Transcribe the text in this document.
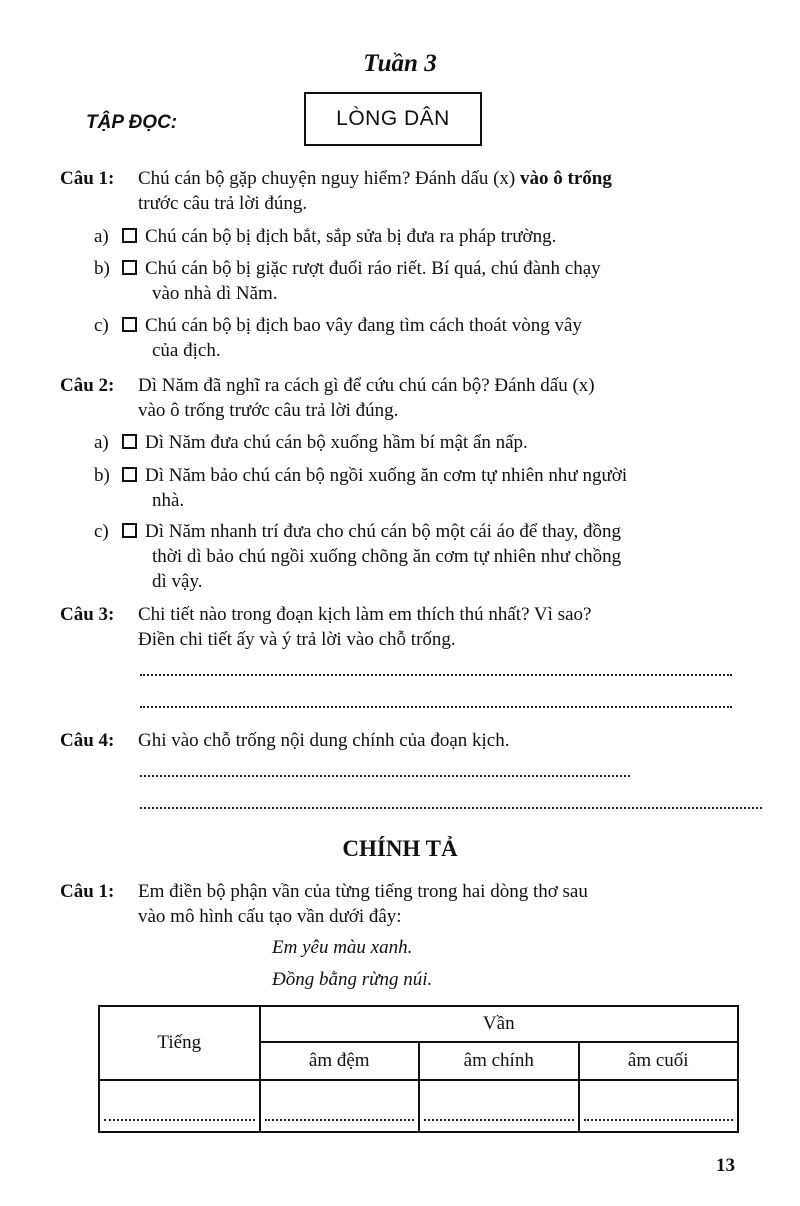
Tuần 3
TẬP ĐỌC:	LÒNG DÂN
Câu 1: Chú cán bộ gặp chuyện nguy hiểm? Đánh dấu (x) vào ô trống
trước câu trả lời đúng.
a) Chú cán bộ bị địch bắt, sắp sửa bị đưa ra pháp trường.
b) Chú cán bộ bị giặc rượt đuổi ráo riết. Bí quá, chú đành chạy
vào nhà dì Năm.
c) Chú cán bộ bị địch bao vây đang tìm cách thoát vòng vây
của địch.
Câu 2: Dì Năm đã nghĩ ra cách gì để cứu chú cán bộ? Đánh dấu (x)
vào ô trống trước câu trả lời đúng.
a) Dì Năm đưa chú cán bộ xuống hầm bí mật ẩn nấp.
b) Dì Năm bảo chú cán bộ ngồi xuống ăn cơm tự nhiên như người
nhà.
c) Dì Năm nhanh trí đưa cho chú cán bộ một cái áo để thay, đồng
thời dì bảo chú ngồi xuống chõng ăn cơm tự nhiên như chồng
dì vậy.
Câu 3: Chi tiết nào trong đoạn kịch làm em thích thú nhất? Vì sao?
Điền chi tiết ấy và ý trả lời vào chỗ trống.
Câu 4: Ghi vào chỗ trống nội dung chính của đoạn kịch.
CHÍNH TẢ
Câu 1: Em điền bộ phận vần của từng tiếng trong hai dòng thơ sau
vào mô hình cấu tạo vần dưới đây:
Em yêu màu xanh.
Đồng bằng rừng núi.
Tiếng	Vần		
	âm đệm	âm chính	âm cuối

13
